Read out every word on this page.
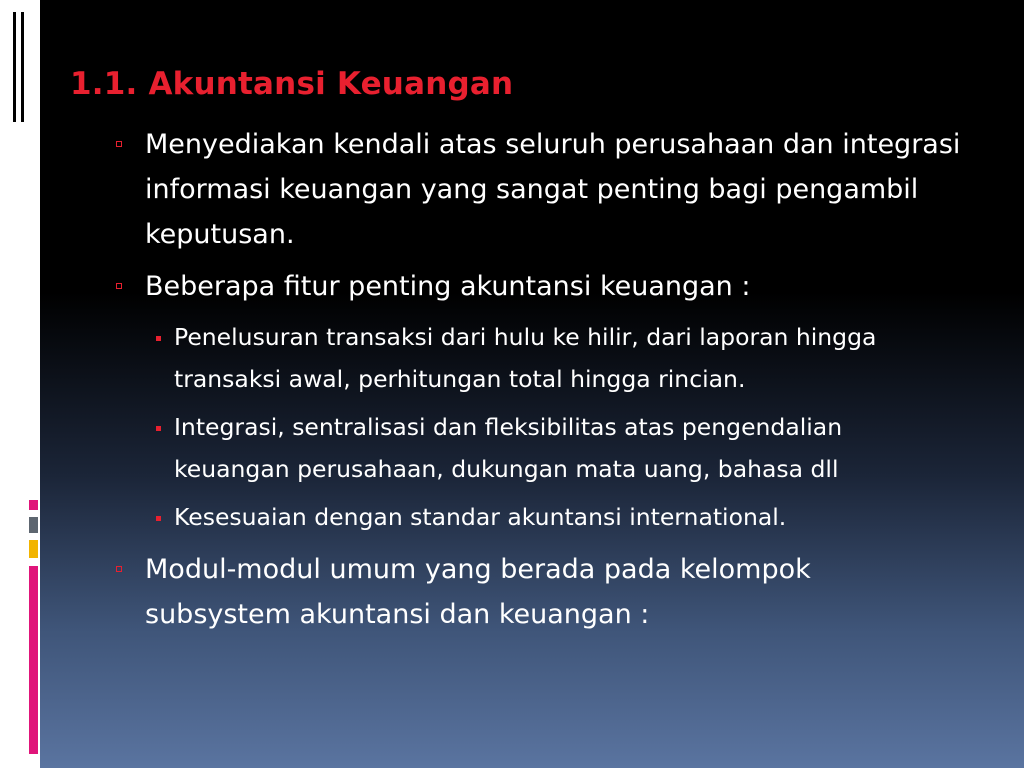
1.1. Akuntansi Keuangan
Menyediakan kendali atas seluruh perusahaan dan integrasi informasi keuangan yang sangat penting bagi pengambil keputusan.
Beberapa fitur penting akuntansi keuangan :
Penelusuran transaksi dari hulu ke hilir, dari laporan hingga transaksi awal, perhitungan total hingga rincian.
Integrasi, sentralisasi dan fleksibilitas atas pengendalian keuangan perusahaan, dukungan mata uang, bahasa dll
Kesesuaian dengan standar akuntansi international.
Modul-modul umum yang berada pada kelompok subsystem akuntansi dan keuangan :
